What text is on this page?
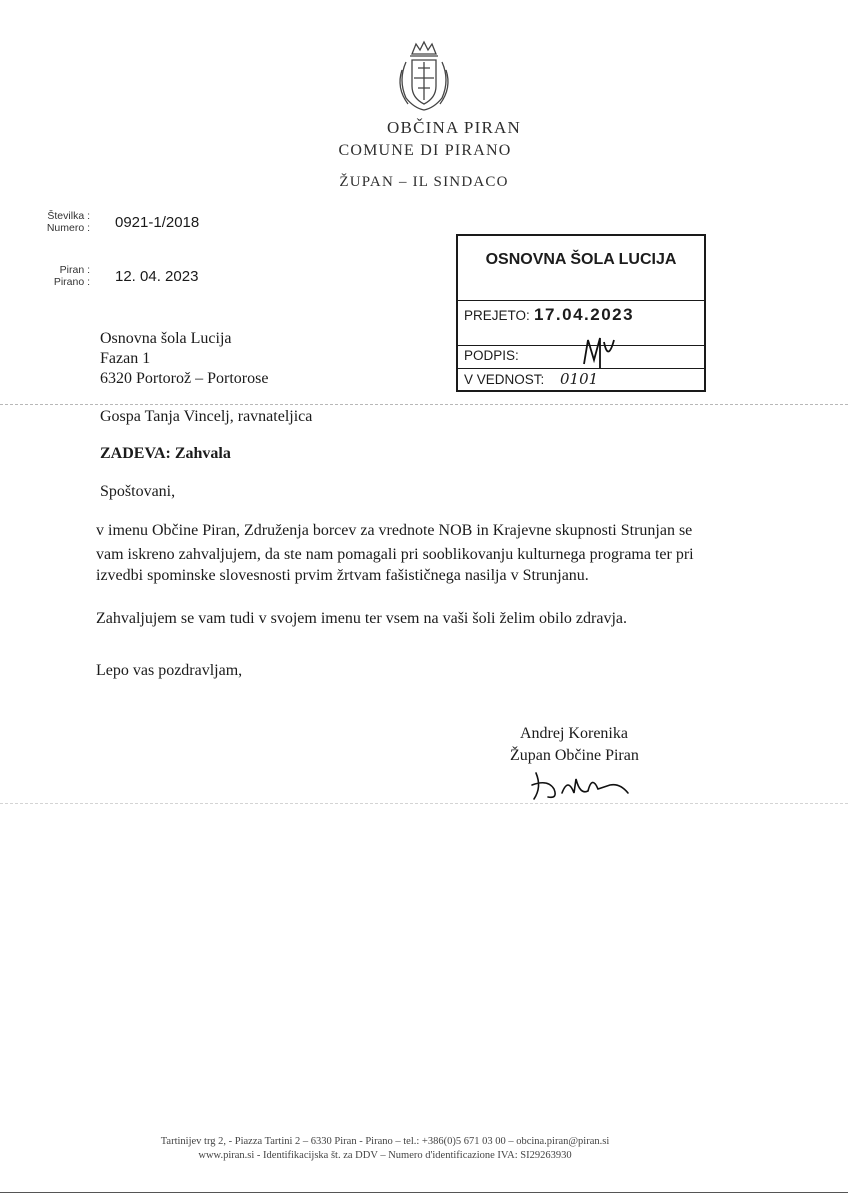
OBČINA PIRAN
COMUNE DI PIRANO
ŽUPAN – IL SINDACO
Številka :
Numero : 0921-1/2018
Piran :
Pirano : 12. 04. 2023
OSNOVNA ŠOLA LUCIJA
PREJETO: 17.04.2023
PODPIS:
V VEDNOST: 0101
Osnovna šola Lucija
Fazan 1
6320 Portorož – Portorose
Gospa Tanja Vincelj, ravnateljica
ZADEVA: Zahvala
Spoštovani,
v imenu Občine Piran, Združenja borcev za vrednote NOB in Krajevne skupnosti Strunjan se
vam iskreno zahvaljujem, da ste nam pomagali pri sooblikovanju kulturnega programa ter pri
izvedbi spominske slovesnosti prvim žrtvam fašističnega nasilja v Strunjanu.
Zahvaljujem se vam tudi v svojem imenu ter vsem na vaši šoli želim obilo zdravja.
Lepo vas pozdravljam,
Andrej Korenika
Župan Občine Piran
Tartinijev trg 2, - Piazza Tartini 2 – 6330 Piran - Pirano – tel.: +386(0)5 671 03 00 – obcina.piran@piran.si
www.piran.si - Identifikacijska št. za DDV – Numero d'identificazione IVA: SI29263930
